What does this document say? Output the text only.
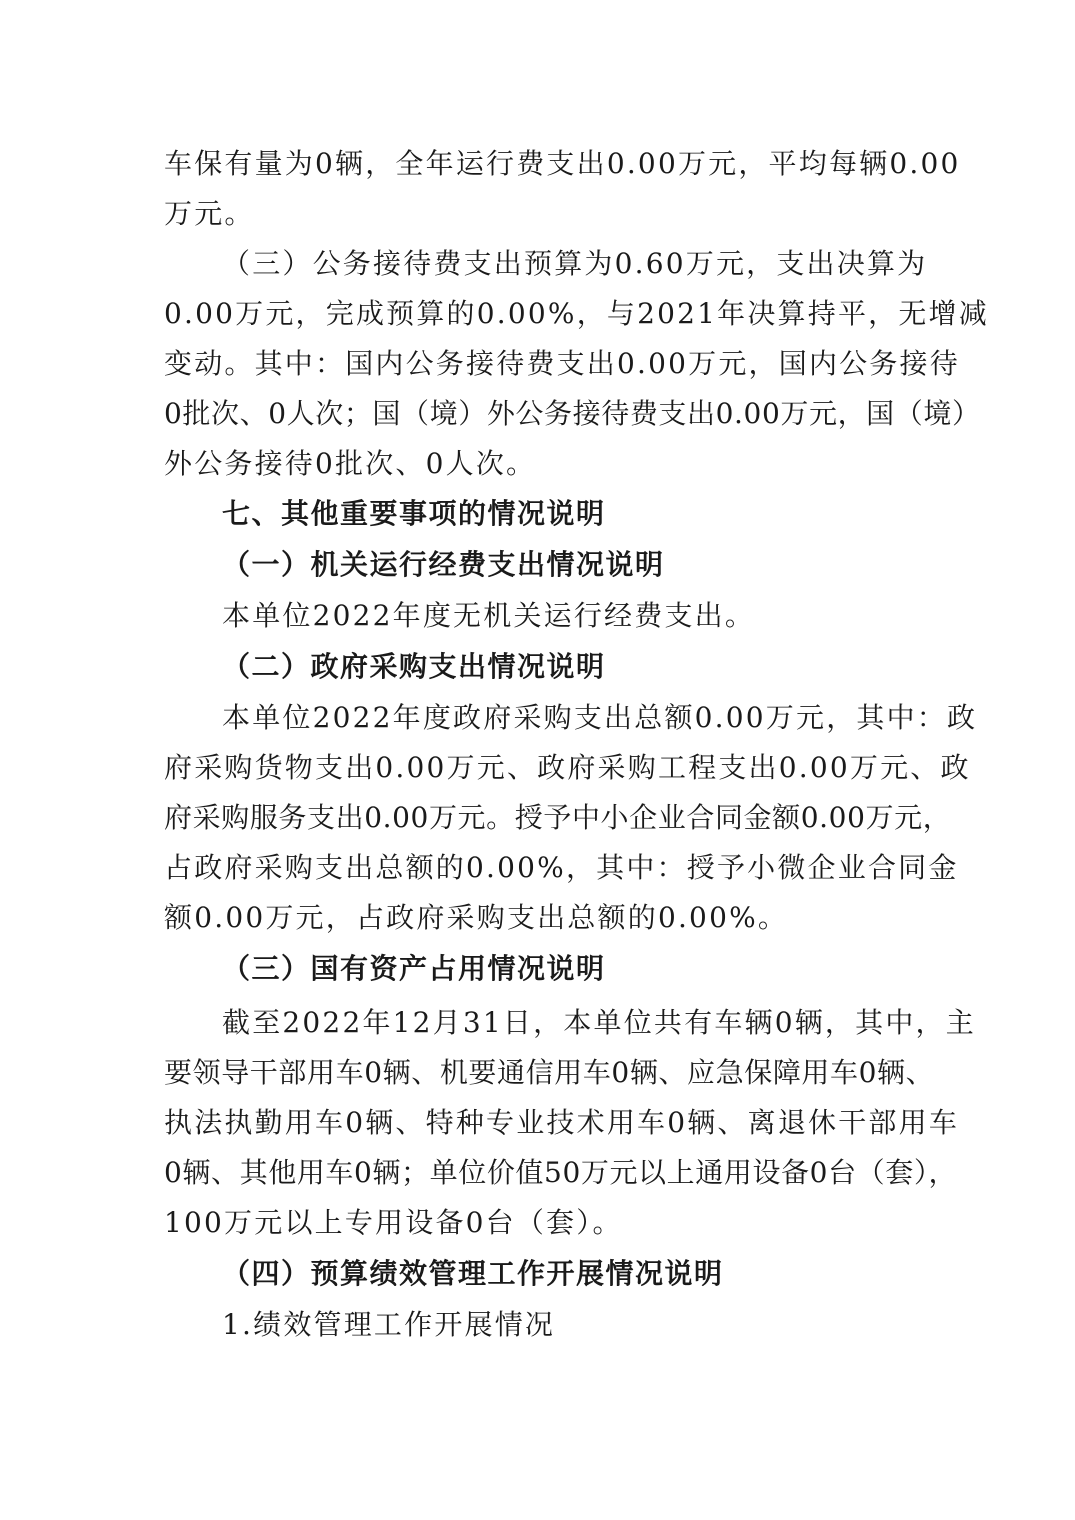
车保有量为0辆，全年运行费支出0.00万元，平均每辆0.00
万元。
（三）公务接待费支出预算为0.60万元，支出决算为
0.00万元，完成预算的0.00%，与2021年决算持平，无增减
变动。其中：国内公务接待费支出0.00万元，国内公务接待
0批次、0人次；国（境）外公务接待费支出0.00万元，国（境）
外公务接待0批次、0人次。
七、其他重要事项的情况说明
（一）机关运行经费支出情况说明
本单位2022年度无机关运行经费支出。
（二）政府采购支出情况说明
本单位2022年度政府采购支出总额0.00万元，其中：政
府采购货物支出0.00万元、政府采购工程支出0.00万元、政
府采购服务支出0.00万元。授予中小企业合同金额0.00万元，
占政府采购支出总额的0.00%，其中：授予小微企业合同金
额0.00万元，占政府采购支出总额的0.00%。
（三）国有资产占用情况说明
截至2022年12月31日，本单位共有车辆0辆，其中，主
要领导干部用车0辆、机要通信用车0辆、应急保障用车0辆、
执法执勤用车0辆、特种专业技术用车0辆、离退休干部用车
0辆、其他用车0辆；单位价值50万元以上通用设备0台（套），
100万元以上专用设备0台（套）。
（四）预算绩效管理工作开展情况说明
1.绩效管理工作开展情况
